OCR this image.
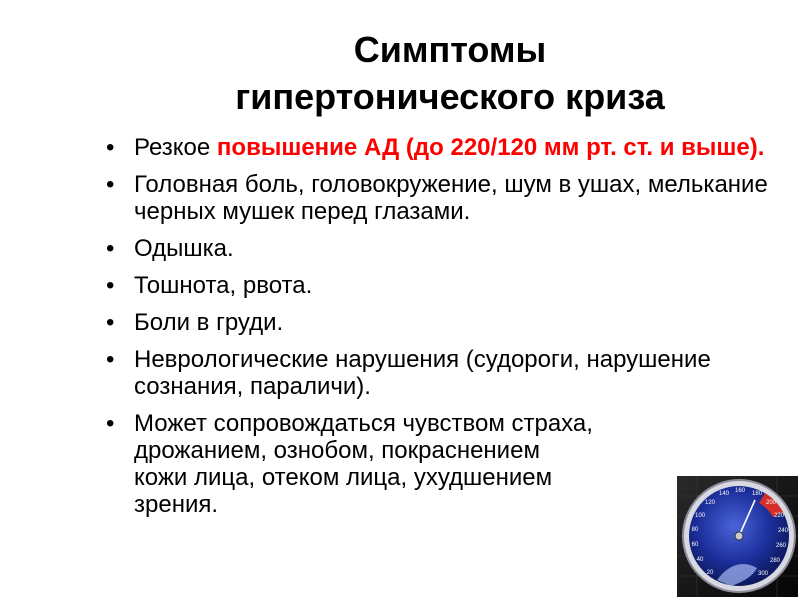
Симптомы
гипертонического криза
• Резкое повышение АД (до 220/120 мм рт. ст. и выше).
• Головная боль, головокружение, шум в ушах, мелькание черных мушек перед глазами.
• Одышка.
• Тошнота, рвота.
• Боли в груди.
• Неврологические нарушения (судороги, нарушение сознания, параличи).
• Может сопровождаться чувством страха,
дрожанием, ознобом, покраснением
кожи лица, отеком лица, ухудшением
зрения.
20
40
60
80
100
120
140 160 180
200
220
240
260
280
300
